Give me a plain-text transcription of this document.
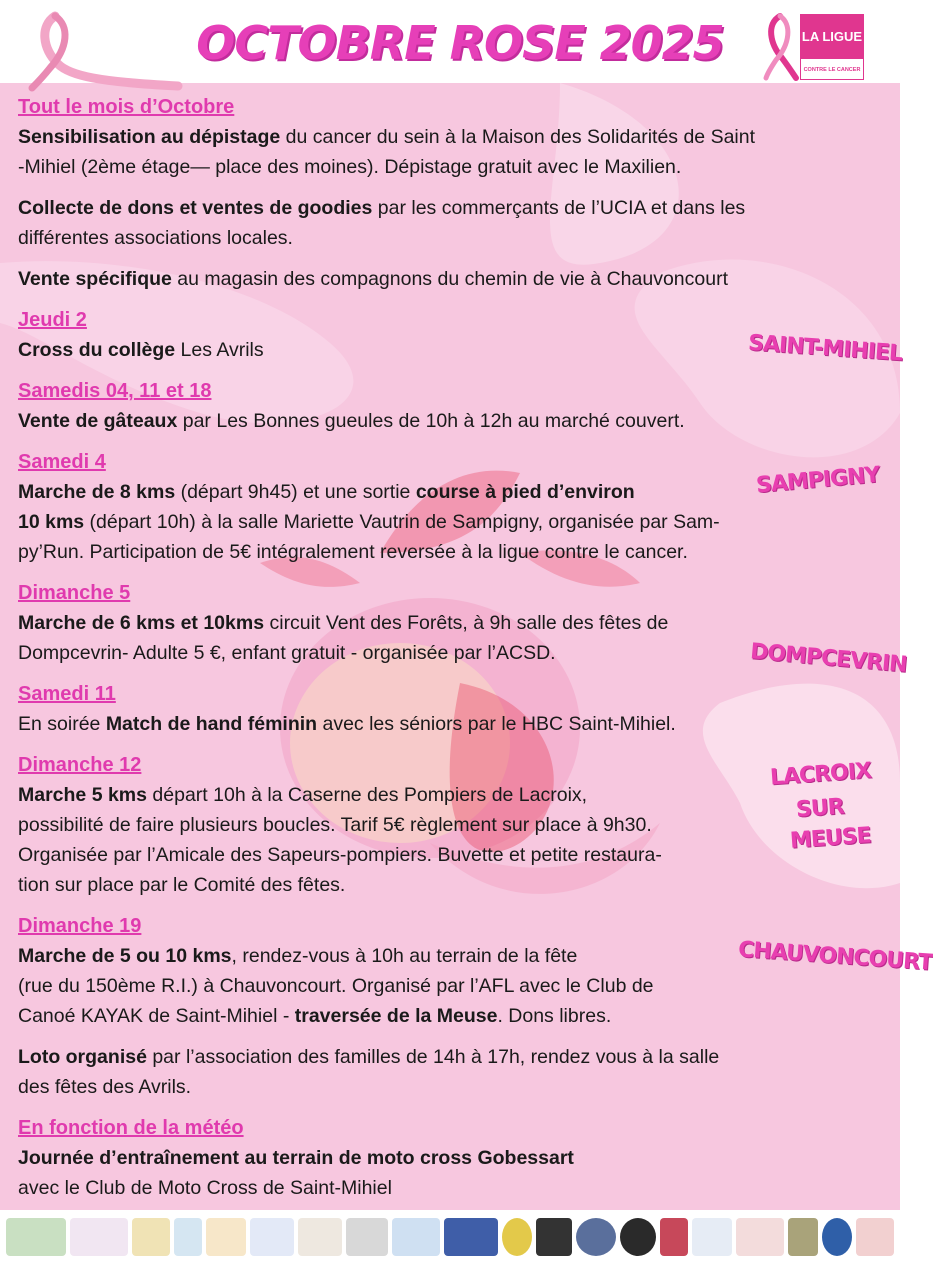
OCTOBRE ROSE 2025	LA LIGUE
CONTRE LE CANCER
Tout le mois d’Octobre

Sensibilisation au dépistage du cancer du sein à la Maison des Solidarités de Saint
-Mihiel (2ème étage— place des moines). Dépistage gratuit avec le Maxilien.

Collecte de dons et ventes de goodies par les commerçants de l’UCIA et dans les
différentes associations locales.

Vente spécifique au magasin des compagnons du chemin de vie à Chauvoncourt

Jeudi 2

Cross du collège Les Avrils

Samedis 04, 11 et 18

Vente de gâteaux par Les Bonnes gueules de 10h à 12h au marché couvert.

Samedi 4

Marche de 8 kms (départ 9h45) et une sortie course à pied d’environ
10 kms (départ 10h) à la salle Mariette Vautrin de Sampigny, organisée par Sam-
py’Run. Participation de 5€ intégralement reversée à la ligue contre le cancer.

Dimanche 5

Marche de 6 kms et 10kms circuit Vent des Forêts, à 9h salle des fêtes de
Dompcevrin- Adulte 5 €, enfant gratuit - organisée par l’ACSD.

Samedi 11

En soirée Match de hand féminin avec les séniors par le HBC Saint-Mihiel.

Dimanche 12

Marche 5 kms départ 10h à la Caserne des Pompiers de Lacroix,
possibilité de faire plusieurs boucles. Tarif 5€ règlement sur place à 9h30.
Organisée par l’Amicale des Sapeurs-pompiers. Buvette et petite restaura-
tion sur place par le Comité des fêtes.

Dimanche 19

Marche de 5 ou 10 kms, rendez-vous à 10h au terrain de la fête
(rue du 150ème R.I.) à Chauvoncourt. Organisé par l’AFL avec le Club de
Canoé KAYAK de Saint-Mihiel - traversée de la Meuse. Dons libres.

Loto organisé par l’association des familles de 14h à 17h, rendez vous à la salle
des fêtes des Avrils.

En fonction de la météo

Journée d’entraînement au terrain de moto cross Gobessart
avec le Club de Moto Cross de Saint-Mihiel

SAINT-MIHIEL
SAMPIGNY
DOMPCEVRIN
LACROIX
SUR
MEUSE
CHAUVONCOURT
